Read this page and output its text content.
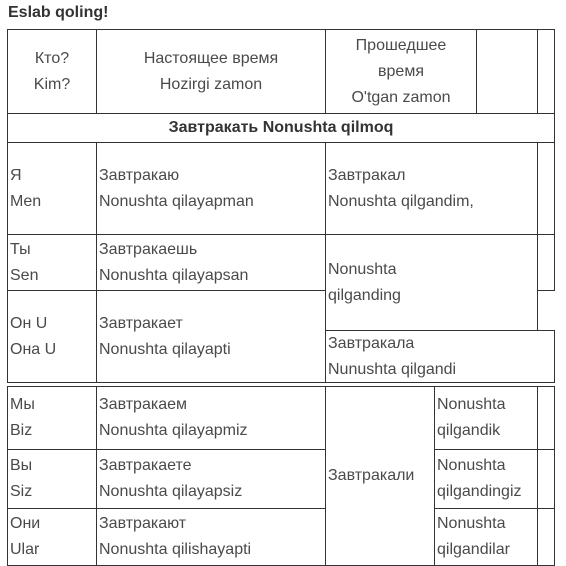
Eslab qoling!
Кто?
Kim?
Настоящее время
Hozirgi zamon
Прошедшее
время
O'tgan zamon
Завтракать Nonushta qilmoq
Я
Men
Завтракаю
Nonushta qilayapman
Завтракал
Nonushta qilgandim,
Ты
Sen
Завтракаешь
Nonushta qilayapsan	Nonushta
qilganding
Он U
Она U
Завтракает
Nonushta qilayapti	Завтракала
Nunushta qilgandi
Мы
Biz
Завтракаем
Nonushta qilayapmiz
Завтракали
Nonushta
qilgandik
Вы
Siz
Завтракаете
Nonushta qilayapsiz
Nonushta
qilgandingiz
Они
Ular
Завтракают
Nonushta qilishayapti
Nonushta
qilgandilar
